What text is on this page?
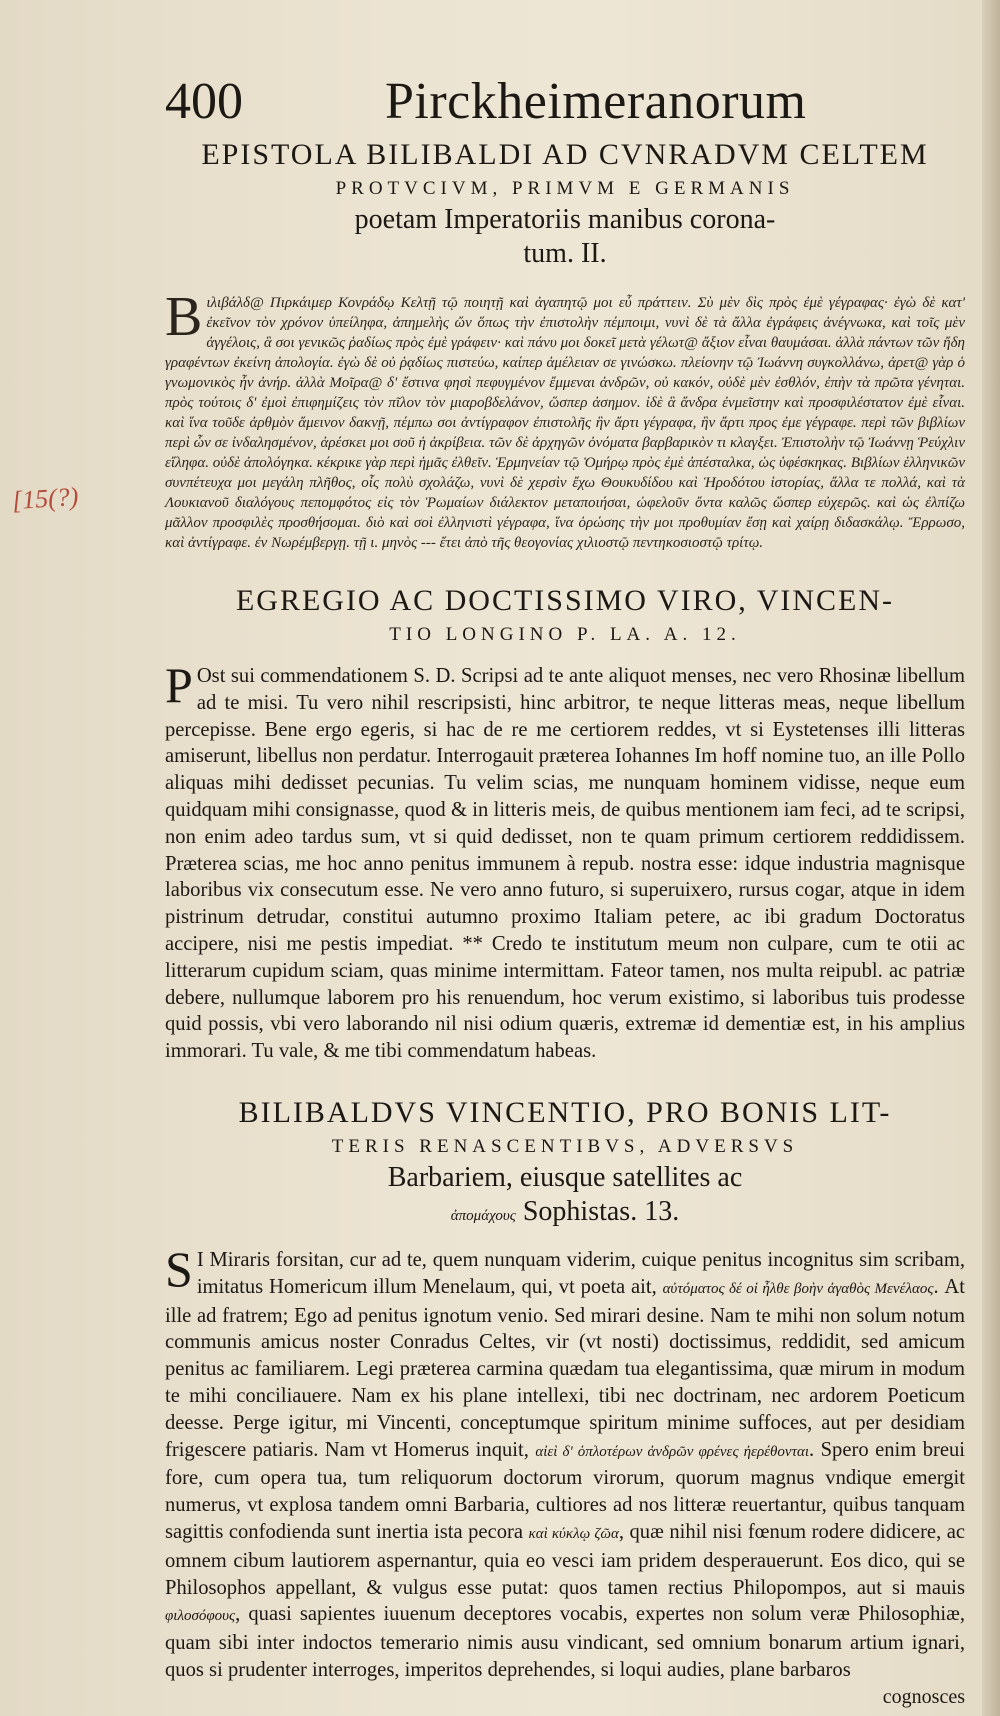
[15(?)
400	Pirckheimeranorum

EPISTOLA BILIBALDI AD CVNRADVM CELTEM

PROTVCIVM, PRIMVM E GERMANIS

poetam Imperatoriis manibus corona-

tum. II.

B ιλιβάλδ@ Πιρκάιμερ Κονράδῳ Κελτῇ τῷ ποιητῇ καὶ ἀγαπητῷ μοι εὖ πράττειν. Σὺ μὲν δὶς πρὸς ἐμὲ γέγραφας· ἐγὼ δὲ κατ' ἐκεῖνον τὸν χρόνον ὑπείληφα, ἀπημελὴς ὤν ὅπως τὴν ἐπιστολὴν πέμποιμι, νυνὶ δὲ τὰ ἄλλα ἐγράφεις ἀνέγνωκα, καὶ τοῖς μὲν ἀγγέλοις, ἃ σοι γενικῶς ῥαδίως πρὸς ἐμὲ γράφειν· καὶ πάνυ μοι δοκεῖ μετὰ γέλωτ@ ἄξιον εἶναι θαυμάσαι. ἀλλὰ πάντων τῶν ἤδη γραφέντων ἐκείνη ἀπολογία. ἐγὼ δὲ οὐ ῥᾳδίως πιστεύω, καίπερ ἀμέλειαν σε γινώσκω. πλείονην τῷ Ἰωάννη συγκολλάνω, ἀρετ@ γὰρ ὁ γνωμονικὸς ἦν ἀνήρ. ἀλλὰ Μοῖρα@ δ' ἔστινα φησὶ πεφυγμένον ἔμμεναι ἀνδρῶν, οὐ κακόν, οὐδὲ μὲν ἐσθλόν, ἐπὴν τὰ πρῶτα γένηται. πρὸς τούτοις δ' ἐμοὶ ἐπιφημίζεις τὸν πῖλον τὸν μιαροβδελάνον, ὥσπερ ἀσημον. ἰδὲ ἃ ἄνδρα ἐνμεῖστην καὶ προσφιλέστατον ἐμὲ εἶναι. καὶ ἵνα τοῦδε ἀρθμὸν ἄμεινον δακνῇ, πέμπω σοι ἀντίγραφον ἐπιστολῆς ἣν ἄρτι γέγραφα, ἣν ἄρτι προς ἐμε γέγραφε. περὶ τῶν βιβλίων περὶ ὧν σε ἰνδαλησμένον, ἀρέσκει μοι σοῦ ἡ ἀκρίβεια. τῶν δὲ ἀρχηγῶν ὀνόματα βαρβαρικὸν τι κλαγξει. Ἐπιστολὴν τῷ Ἰωάννῃ Ῥεύχλιν εἴληφα. οὐδὲ ἀπολόγηκα. κέκρικε γὰρ περὶ ἡμᾶς ἐλθεῖν. Ἑρμηνείαν τῷ Ὁμήρῳ πρὸς ἐμὲ ἀπέσταλκα, ὡς ὑφέσκηκας. Βιβλίων ἑλληνικῶν συνπέτευχα μοι μεγάλη πλῆθος, οἷς πολὺ σχολάζω, νυνὶ δὲ χερσὶν ἔχω Θουκυδίδου καὶ Ἡροδότου ἱστορίας, ἄλλα τε πολλά, καὶ τὰ Λουκιανοῦ διαλόγους πεπομφότος εἰς τὸν Ῥωμαίων διάλεκτον μεταποιήσαι, ὠφελοῦν ὄντα καλῶς ὥσπερ εὐχερῶς. καὶ ὡς ἐλπίζω μᾶλλον προσφιλὲς προσθήσομαι. διὸ καὶ σοὶ ἐλληνιστὶ γέγραφα, ἵνα ὁρώσης τὴν μοι προθυμίαν ἔσῃ καὶ χαίρῃ διδασκάλῳ. Ἔρρωσο, καὶ ἀντίγραφε. ἐν Νωρέμβεργῃ. τῇ ι. μηνὸς --- ἔτει ἀπὸ τῆς θεογονίας χιλιοστῷ πεντηκοσιοστῷ τρίτῳ.

EGREGIO AC DOCTISSIMO VIRO, VINCEN-

TIO LONGINO P. LA. A. 12.

P Ost sui commendationem S. D. Scripsi ad te ante aliquot menses, nec vero Rhosinæ libellum ad te misi. Tu vero nihil rescripsisti, hinc arbitror, te neque litteras meas, neque libellum percepisse. Bene ergo egeris, si hac de re me certiorem reddes, vt si Eystetenses illi litteras amiserunt, libellus non perdatur. Interrogauit præterea Iohannes Im hoff nomine tuo, an ille Pollo aliquas mihi dedisset pecunias. Tu velim scias, me nunquam hominem vidisse, neque eum quidquam mihi consignasse, quod & in litteris meis, de quibus mentionem iam feci, ad te scripsi, non enim adeo tardus sum, vt si quid dedisset, non te quam primum certiorem reddidissem. Præterea scias, me hoc anno penitus immunem à repub. nostra esse: idque industria magnisque laboribus vix consecutum esse. Ne vero anno futuro, si superuixero, rursus cogar, atque in idem pistrinum detrudar, constitui autumno proximo Italiam petere, ac ibi gradum Doctoratus accipere, nisi me pestis impediat. ** Credo te institutum meum non culpare, cum te otii ac litterarum cupidum sciam, quas minime intermittam. Fateor tamen, nos multa reipubl. ac patriæ debere, nullumque laborem pro his renuendum, hoc verum existimo, si laboribus tuis prodesse quid possis, vbi vero laborando nil nisi odium quæris, extremæ id dementiæ est, in his amplius immorari. Tu vale, & me tibi commendatum habeas.

BILIBALDVS VINCENTIO, PRO BONIS LIT-

TERIS RENASCENTIBVS, ADVERSVS

Barbariem, eiusque satellites ac

ἀπομάχους Sophistas. 13.

S I Miraris forsitan, cur ad te, quem nunquam viderim, cuique penitus incognitus sim scribam, imitatus Homericum illum Menelaum, qui, vt poeta ait, αὐτόματος δέ οἱ ἦλθε βοὴν ἀγαθὸς Μενέλαος. At ille ad fratrem; Ego ad penitus ignotum venio. Sed mirari desine. Nam te mihi non solum notum communis amicus noster Conradus Celtes, vir (vt nosti) doctissimus, reddidit, sed amicum penitus ac familiarem. Legi præterea carmina quædam tua elegantissima, quæ mirum in modum te mihi conciliauere. Nam ex his plane intellexi, tibi nec doctrinam, nec ardorem Poeticum deesse. Perge igitur, mi Vincenti, conceptumque spiritum minime suffoces, aut per desidiam frigescere patiaris. Nam vt Homerus inquit, αἰεὶ δ' ὁπλοτέρων ἀνδρῶν φρένες ἠερέθονται. Spero enim breui fore, cum opera tua, tum reliquorum doctorum virorum, quorum magnus vndique emergit numerus, vt explosa tandem omni Barbaria, cultiores ad nos litteræ reuertantur, quibus tanquam sagittis confodienda sunt inertia ista pecora καὶ κύκλῳ ζῶα, quæ nihil nisi fœnum rodere didicere, ac omnem cibum lautiorem aspernantur, quia eo vesci iam pridem desperauerunt. Eos dico, qui se Philosophos appellant, & vulgus esse putat: quos tamen rectius Philopompos, aut si mauis φιλοσόφους, quasi sapientes iuuenum deceptores vocabis, expertes non solum veræ Philosophiæ, quam sibi inter indoctos temerario nimis ausu vindicant, sed omnium bonarum artium ignari, quos si prudenter interroges, imperitos deprehendes, si loqui audies, plane barbaros
cognosces
